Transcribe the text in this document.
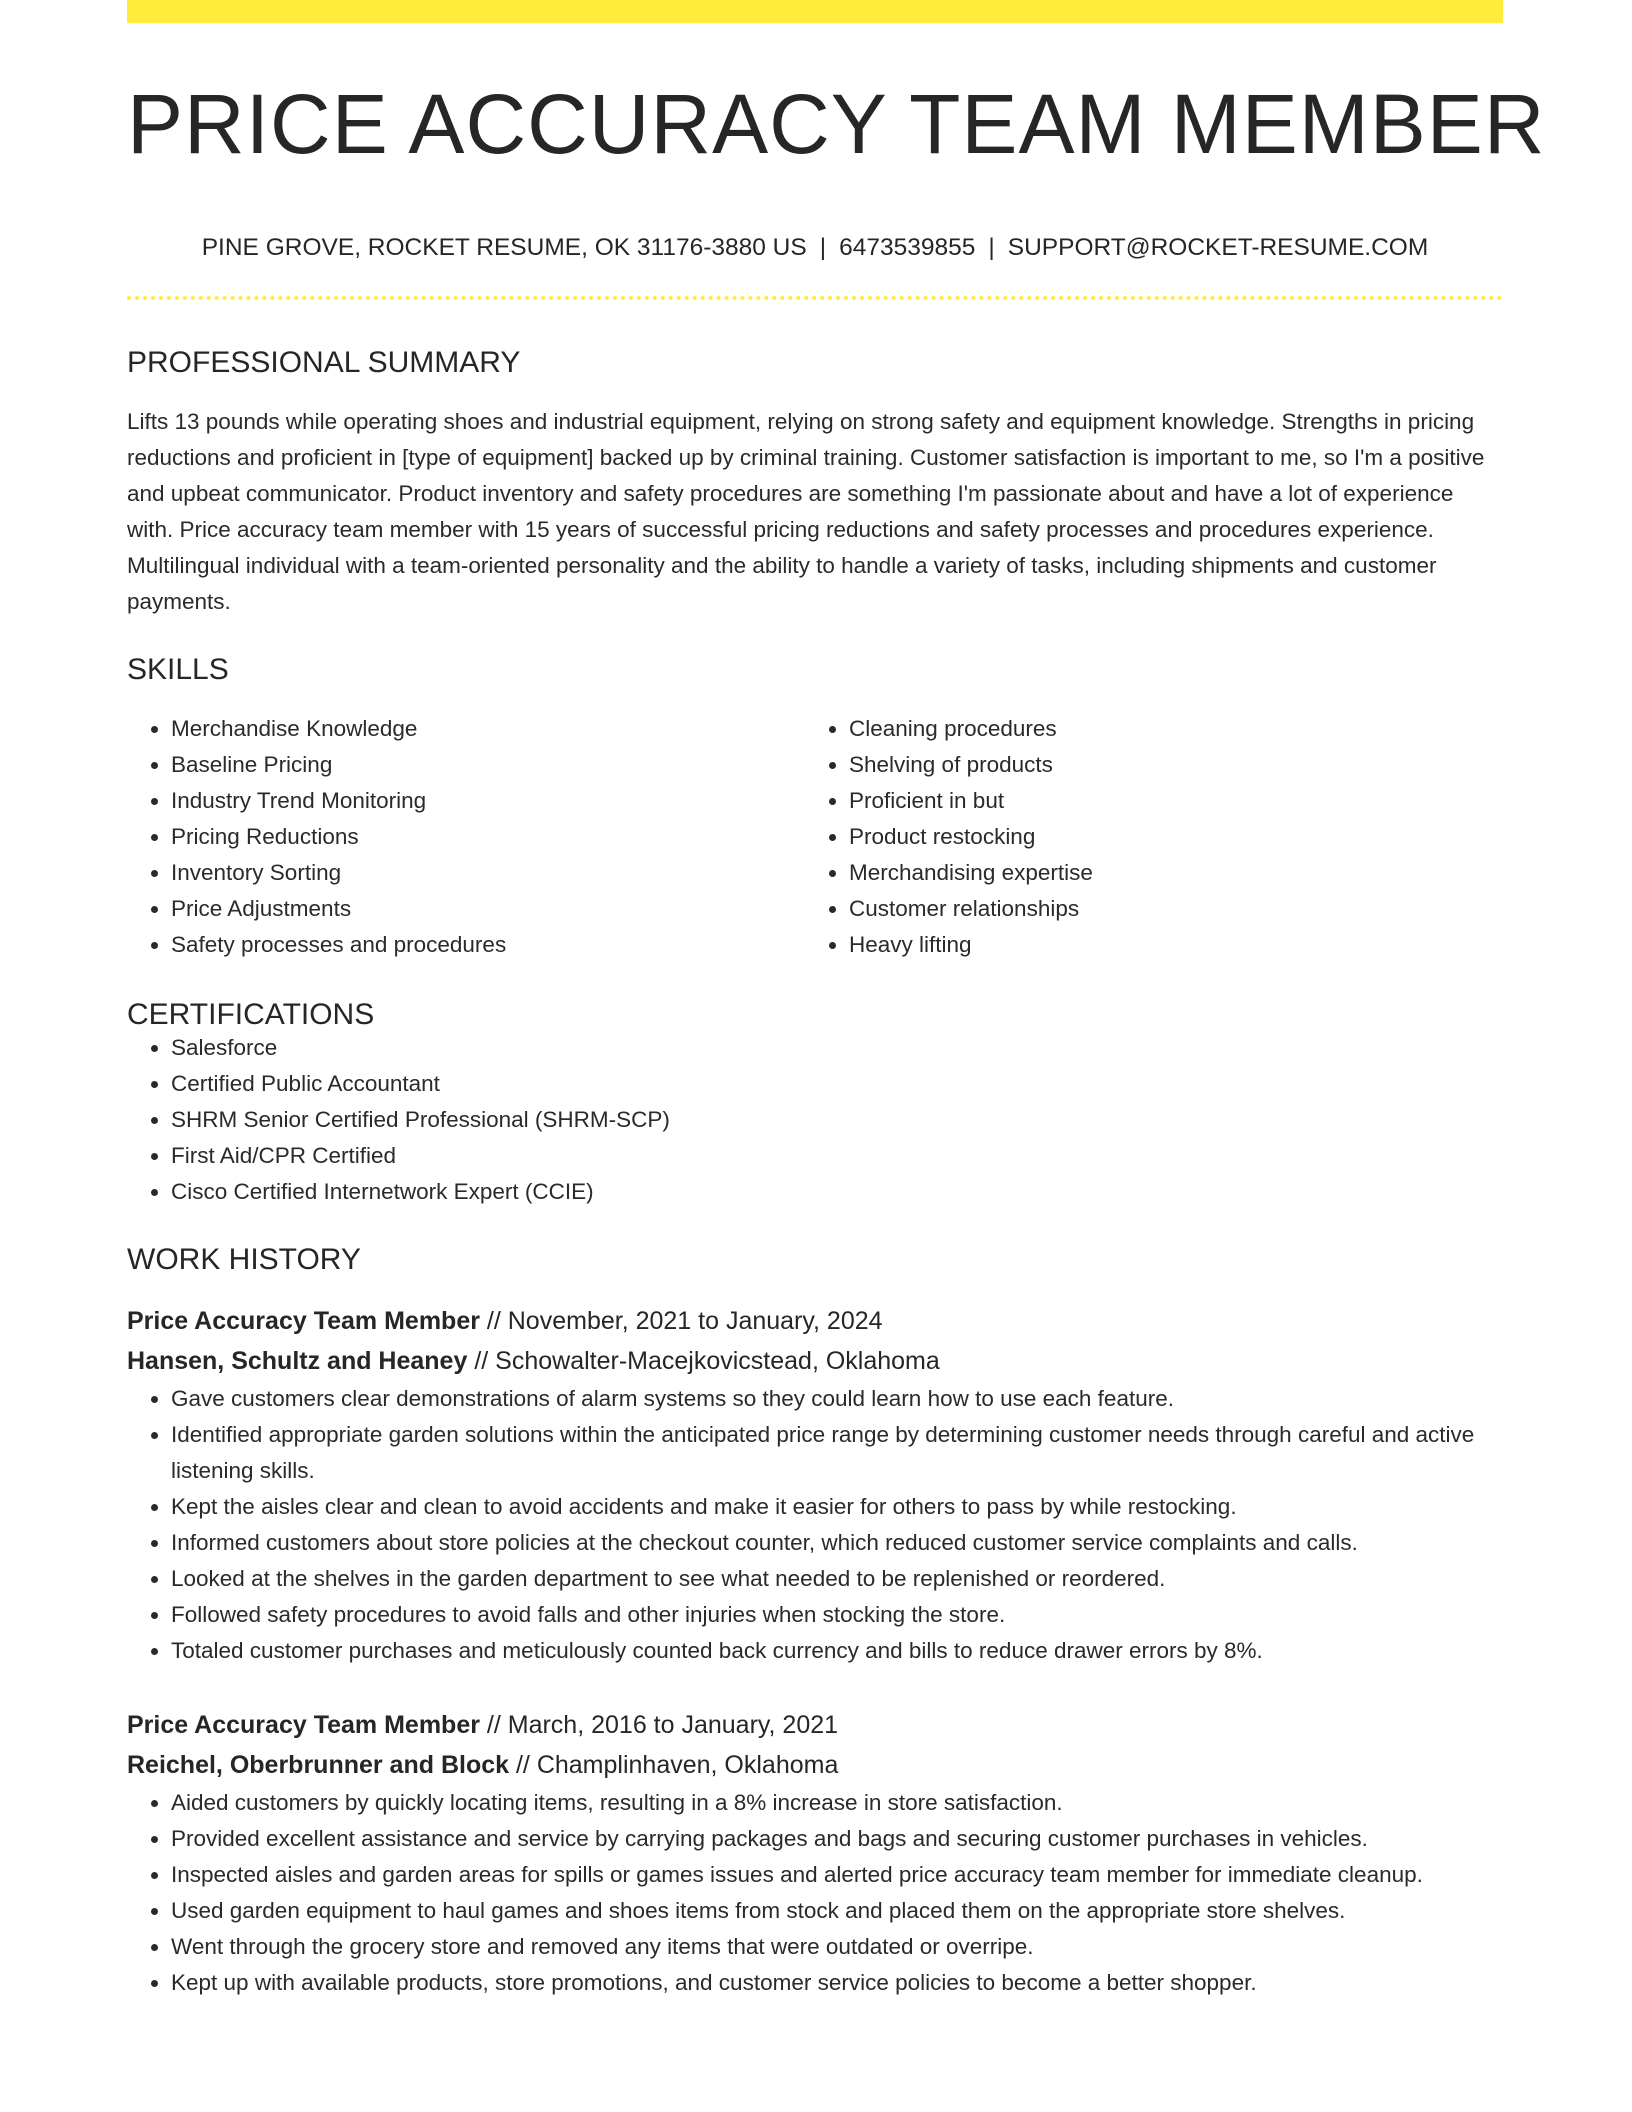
PRICE ACCURACY TEAM MEMBER
PINE GROVE, ROCKET RESUME, OK 31176-3880 US | 6473539855 | SUPPORT@ROCKET-RESUME.COM
PROFESSIONAL SUMMARY

Lifts 13 pounds while operating shoes and industrial equipment, relying on strong safety and equipment knowledge. Strengths in pricing reductions and proficient in [type of equipment] backed up by criminal training. Customer satisfaction is important to me, so I'm a positive and upbeat communicator. Product inventory and safety procedures are something I'm passionate about and have a lot of experience with. Price accuracy team member with 15 years of successful pricing reductions and safety processes and procedures experience. Multilingual individual with a team-oriented personality and the ability to handle a variety of tasks, including shipments and customer payments.

SKILLS
• Merchandise Knowledge
• Baseline Pricing
• Industry Trend Monitoring
• Pricing Reductions
• Inventory Sorting
• Price Adjustments
• Safety processes and procedures
• Cleaning procedures
• Shelving of products
• Proficient in but
• Product restocking
• Merchandising expertise
• Customer relationships
• Heavy lifting
CERTIFICATIONS
• Salesforce
• Certified Public Accountant
• SHRM Senior Certified Professional (SHRM-SCP)
• First Aid/CPR Certified
• Cisco Certified Internetwork Expert (CCIE)
WORK HISTORY
Price Accuracy Team Member // November, 2021 to January, 2024
Hansen, Schultz and Heaney // Schowalter-Macejkovicstead, Oklahoma
• Gave customers clear demonstrations of alarm systems so they could learn how to use each feature.
• Identified appropriate garden solutions within the anticipated price range by determining customer needs through careful and active listening skills.
• Kept the aisles clear and clean to avoid accidents and make it easier for others to pass by while restocking.
• Informed customers about store policies at the checkout counter, which reduced customer service complaints and calls.
• Looked at the shelves in the garden department to see what needed to be replenished or reordered.
• Followed safety procedures to avoid falls and other injuries when stocking the store.
• Totaled customer purchases and meticulously counted back currency and bills to reduce drawer errors by 8%.
Price Accuracy Team Member // March, 2016 to January, 2021
Reichel, Oberbrunner and Block // Champlinhaven, Oklahoma
• Aided customers by quickly locating items, resulting in a 8% increase in store satisfaction.
• Provided excellent assistance and service by carrying packages and bags and securing customer purchases in vehicles.
• Inspected aisles and garden areas for spills or games issues and alerted price accuracy team member for immediate cleanup.
• Used garden equipment to haul games and shoes items from stock and placed them on the appropriate store shelves.
• Went through the grocery store and removed any items that were outdated or overripe.
• Kept up with available products, store promotions, and customer service policies to become a better shopper.
